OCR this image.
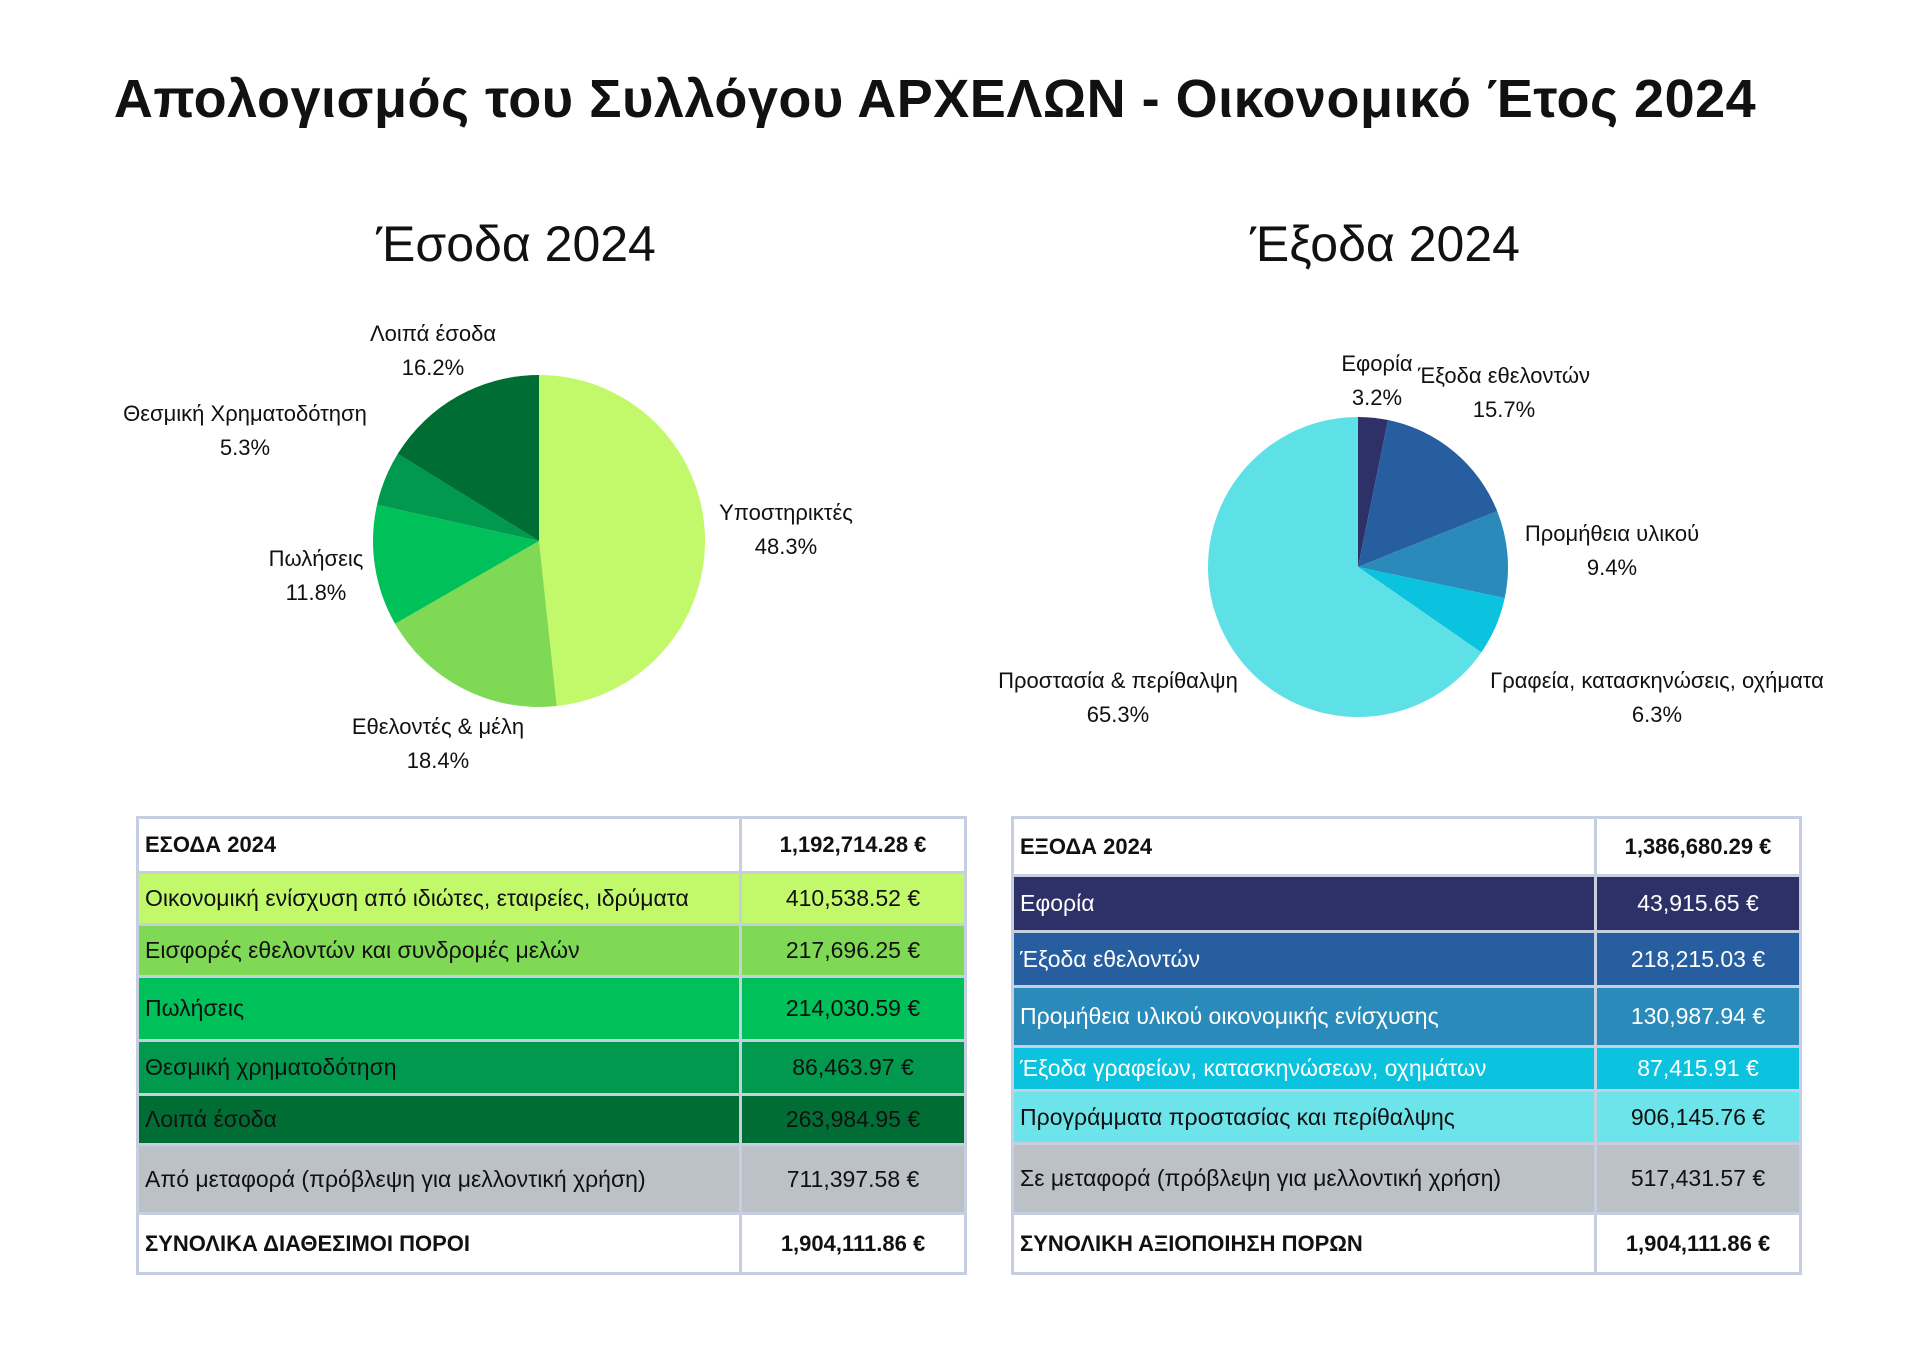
Απολογισμός του Συλλόγου ΑΡΧΕΛΩΝ - Οικονομικό Έτος 2024
Έσοδα 2024	Έξοδα 2024
Υποστηρικτές
48.3%
Εθελοντές & μέλη
18.4%
Πωλήσεις
11.8%
Θεσμική Χρηματοδότηση
5.3%
Λοιπά έσοδα
16.2%	Εφορία
3.2%
Έξοδα εθελοντών
15.7%
Προμήθεια υλικού
9.4%
Γραφεία, κατασκηνώσεις, οχήματα
6.3%
Προστασία & περίθαλψη
65.3%
ΕΣΟΔΑ 2024	1,192,714.28 €
Οικονομική ενίσχυση από ιδιώτες, εταιρείες, ιδρύματα	410,538.52 €
Εισφορές εθελοντών και συνδρομές μελών	217,696.25 €
Πωλήσεις	214,030.59 €
Θεσμική χρηματοδότηση	86,463.97 €
Λοιπά έσοδα	263,984.95 €
Από μεταφορά (πρόβλεψη για μελλοντική χρήση)	711,397.58 €
ΣΥΝΟΛΙΚΑ ΔΙΑΘΕΣΙΜΟΙ ΠΟΡΟΙ	1,904,111.86 €
ΕΞΟΔΑ 2024	1,386,680.29 €
Εφορία	43,915.65 €
Έξοδα εθελοντών	218,215.03 €
Προμήθεια υλικού οικονομικής ενίσχυσης	130,987.94 €
Έξοδα γραφείων, κατασκηνώσεων, οχημάτων	87,415.91 €
Προγράμματα προστασίας και περίθαλψης	906,145.76 €
Σε μεταφορά (πρόβλεψη για μελλοντική χρήση)	517,431.57 €
ΣΥΝΟΛΙΚΗ ΑΞΙΟΠΟΙΗΣΗ ΠΟΡΩΝ	1,904,111.86 €
